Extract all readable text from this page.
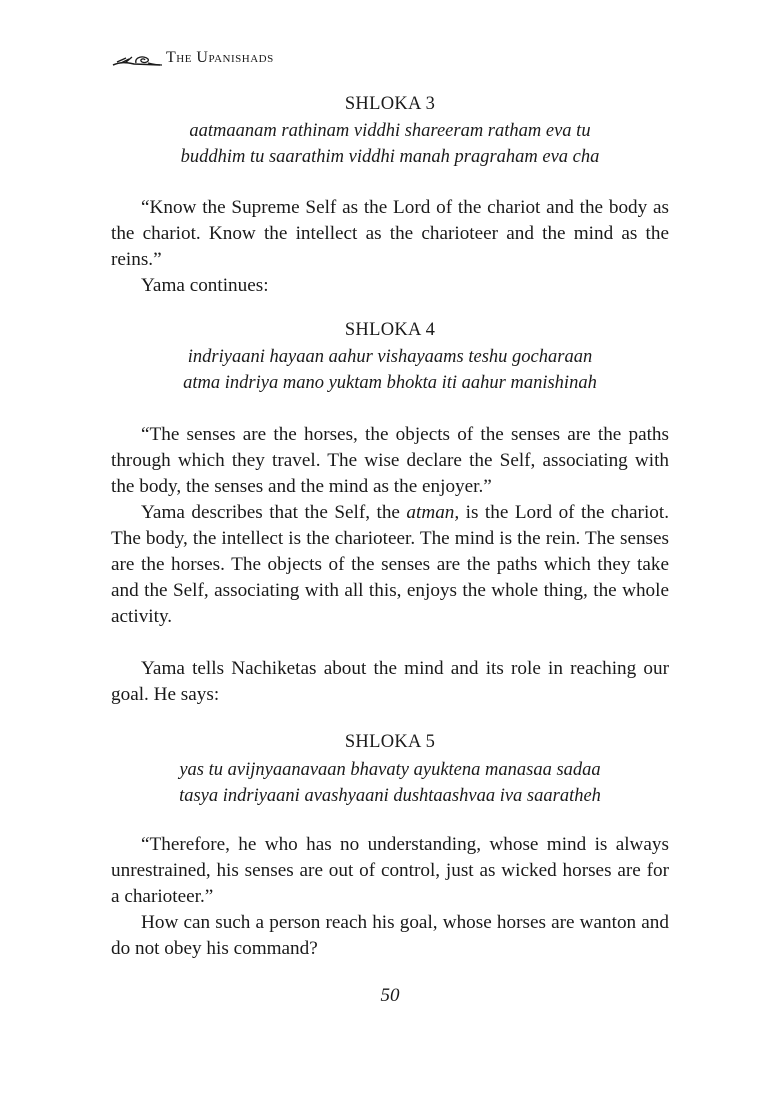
The Upanishads
SHLOKA 3
aatmaanam rathinam viddhi shareeram ratham eva tu
buddhim tu saarathim viddhi manah pragraham eva cha

“Know the Supreme Self as the Lord of the chariot and the body as the chariot. Know the intellect as the charioteer and the mind as the reins.”

Yama continues:

SHLOKA 4
indriyaani hayaan aahur vishayaams teshu gocharaan
atma indriya mano yuktam bhokta iti aahur manishinah

“The senses are the horses, the objects of the senses are the paths through which they travel. The wise declare the Self, associating with the body, the senses and the mind as the enjoyer.”

Yama describes that the Self, the atman, is the Lord of the chariot. The body, the intellect is the charioteer. The mind is the rein. The senses are the horses. The objects of the senses are the paths which they take and the Self, associating with all this, enjoys the whole thing, the whole activity.

Yama tells Nachiketas about the mind and its role in reaching our goal. He says:

SHLOKA 5
yas tu avijnyaanavaan bhavaty ayuktena manasaa sadaa
tasya indriyaani avashyaani dushtaashvaa iva saaratheh

“Therefore, he who has no understanding, whose mind is always unrestrained, his senses are out of control, just as wicked horses are for a charioteer.”

How can such a person reach his goal, whose horses are wanton and do not obey his command?

50
